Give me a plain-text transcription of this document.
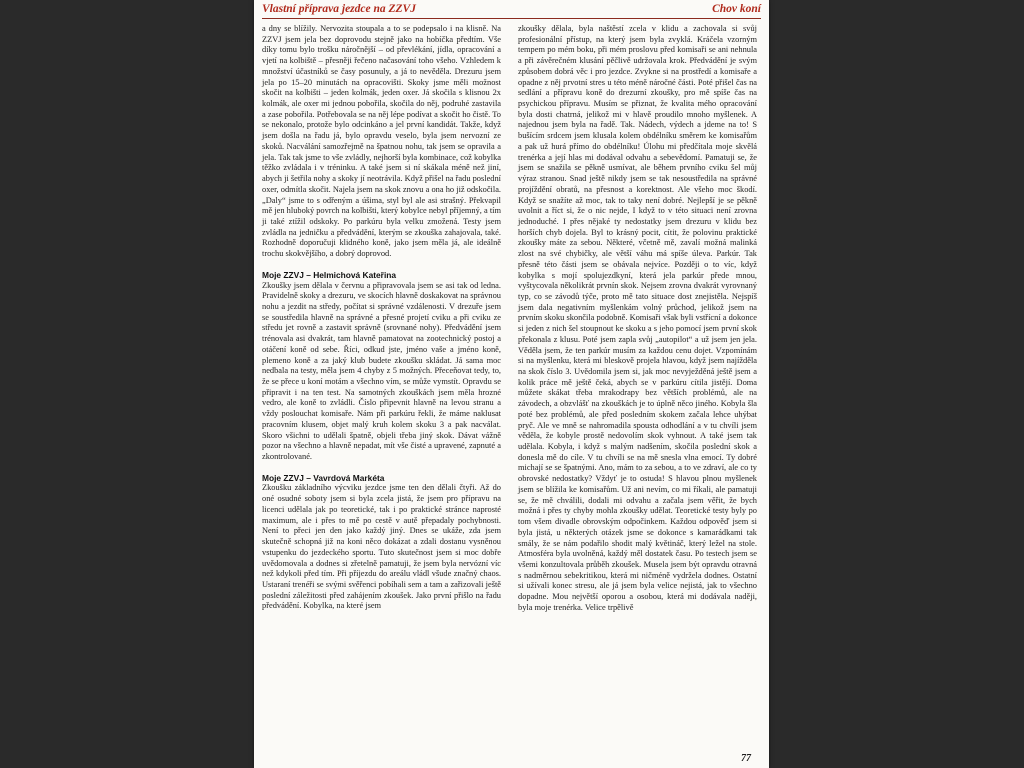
Vlastní příprava jezdce na ZZVJ	Chov koní

a dny se blížily. Nervozita stoupala a to se podepsalo i na klisně. Na ZZVJ jsem jela bez doprovodu stejně jako na hobíčka předtím. Vše díky tomu bylo trošku náročnější – od převlékání, jídla, opracování a vjetí na kolbiště – přesněji řečeno načasování toho všeho. Vzhledem k množství účastníků se časy posunuly, a já to nevěděla. Drezuru jsem jela po 15–20 minutách na opracovišti. Skoky jsme měli možnost skočit na kolbišti – jeden kolmák, jeden oxer. Já skočila s klisnou 2x kolmák, ale oxer mi jednou pobořila, skočila do něj, podruhé zastavila a zase pobořila. Potřebovala se na něj lépe podívat a skočit ho čistě. To se nekonalo, protože bylo odcinkáno a jel první kandidát. Takže, když jsem došla na řadu já, bylo opravdu veselo, byla jsem nervozní ze skoků. Nacválání samozřejmě na špatnou nohu, tak jsem se opravila a jela. Tak tak jsme to vše zvládly, nejhorší byla kombinace, což kobylka těžko zvládala i v tréninku. A také jsem si ní skákala méně než jiní, abych ji šetřila nohy a skoky jí neotrávila. Když přišel na řadu poslední oxer, odmítla skočit. Najela jsem na skok znovu a ona ho již odskočila. „Daly“ jsme to s odřeným a úšima, styl byl ale asi strašný. Překvapil mě jen hluboký povrch na kolbišti, který kobylce nebyl příjemný, a tím ji také ztížil odskoky. Po parkúru byla velku zmožená. Testy jsem zvládla na jedničku a předvádění, kterým se zkouška zahajovala, také. Rozhodně doporučuji klidného koně, jako jsem měla já, ale ideálně trochu skokvějšího, a dobrý doprovod.

Moje ZZVJ – Helmichová Kateřina

Zkoušky jsem dělala v červnu a připravovala jsem se asi tak od ledna. Pravidelně skoky a drezuru, ve skocích hlavně doskakovat na správnou nohu a jezdit na středy, počítat si správné vzdálenosti. V drezuře jsem se soustředila hlavně na správné a přesné projetí cviku a při cviku ze středu jet rovně a zastavit správně (srovnané nohy). Předvádění jsem trénovala asi dvakrát, tam hlavně pamatovat na zootechnický postoj a otáčení koně od sebe. Říci, odkud jste, jméno vaše a jméno koně, plemeno koně a za jaký klub budete zkoušku skládat. Já sama moc nedbala na testy, měla jsem 4 chyby z 5 možných. Přeceňovat tedy, to, že se přece u koní motám a všechno vím, se může vymstít. Opravdu se připravit i na ten test. Na samotných zkouškách jsem měla hrozné vedro, ale koně to zvládli. Číslo připevnit hlavně na levou stranu a vždy poslouchat komisaře. Nám při parkúru řekli, že máme naklusat pracovním klusem, objet malý kruh kolem skoku 3 a pak nacválat. Skoro všichni to udělali špatně, objeli třeba jiný skok. Dávat vážně pozor na všechno a hlavně nepadat, mít vše čisté a upravené, zapnuté a zkontrolované.

Moje ZZVJ – Vavrdová Markéta

Zkoušku základního výcviku jezdce jsme ten den dělali čtyři. Až do oné osudné soboty jsem si byla zcela jistá, že jsem pro přípravu na licenci udělala jak po teoretické, tak i po praktické stránce naprosté maximum, ale i přes to mě po cestě v autě přepadaly pochybnosti. Není to přeci jen den jako každý jiný. Dnes se ukáže, zda jsem skutečně schopná již na koni něco dokázat a zdali dostanu vysněnou vstupenku do jezdeckého sportu. Tuto skutečnost jsem si moc dobře uvědomovala a dodnes si zřetelně pamatuji, že jsem byla nervózní víc než kdykoli před tím. Při příjezdu do areálu vládl všude značný chaos. Ustaraní trenéři se svými svěřenci pobíhali sem a tam a zařizovali ještě poslední záležitosti před zahájením zkoušek. Jako první přišlo na řadu předvádění. Kobylka, na které jsem

zkoušky dělala, byla naštěstí zcela v klidu a zachovala si svůj profesionální přístup, na který jsem byla zvyklá. Kráčela vzorným tempem po mém boku, při mém proslovu před komisaři se ani nehnula a při závěrečném klusání pěčlivě udržovala krok. Předvádění je svým způsobem dobrá věc i pro jezdce. Zvykne si na prostředí a komisaře a opadne z něj prvotní stres u této méně náročné části. Poté přišel čas na sedlání a přípravu koně do drezurní zkoušky, pro mě spíše čas na psychickou přípravu. Musím se přiznat, že kvalita mého opracování byla dosti chatrná, jelikož mi v hlavě proudilo mnoho myšlenek. A najednou jsem byla na řadě. Tak. Nádech, výdech a jdeme na to! S bušícím srdcem jsem klusala kolem obdélníku směrem ke komisařům a pak už hurá přímo do obdélníku! Úlohu mi předčítala moje skvělá trenérka a její hlas mi dodával odvahu a sebevědomí. Pamatuji se, že jsem se snažila se pěkně usmívat, ale během prvního cviku šel můj výraz stranou. Snad ještě nikdy jsem se tak nesoustředila na správné projíždění obratů, na přesnost a korektnost. Ale všeho moc škodí. Když se snažíte až moc, tak to taky není dobré. Nejlepší je se pěkně uvolnit a říct si, že o nic nejde, I když to v této situaci není zrovna jednoduché. I přes nějaké ty nedostatky jsem drezuru v klidu bez horších chyb dojela. Byl to krásný pocit, cítit, že polovinu praktické zkoušky máte za sebou. Některé, včetně mě, zavalí možná malinká zlost na své chybičky, ale větší váhu má spíše úleva. Parkúr. Tak přesně této části jsem se obávala nejvíce. Později o to víc, když kobylka s mojí spolujezdkyní, která jela parkúr přede mnou, vyštycovala několikrát prvnín skok. Nejsem zrovna dvakrát vyrovnaný typ, co se závodů týče, proto mě tato situace dost znejistěla. Nejspíš jsem dala negativním myšlenkám volný průchod, jelikož jsem na prvním skoku skončila podobně. Komisaři však byli vstřícní a dokonce si jeden z nich šel stoupnout ke skoku a s jeho pomocí jsem první skok překonala z klusu. Poté jsem zapla svůj „autopilot“ a už jsem jen jela. Věděla jsem, že ten parkúr musím za každou cenu dojet. Vzpomínám si na myšlenku, která mi bleskově projela hlavou, když jsem najížděla na skok číslo 3. Uvědomila jsem si, jak moc nevyježděná ještě jsem a kolik práce mě ještě čeká, abych se v parkúru cítila jistějí. Doma můžete skákat třeba mrakodrapy bez větších problémů, ale na závodech, a obzvlášť na zkouškách je to úplně něco jiného. Kobyla šla poté bez problémů, ale před posledním skokem začala lehce uhýbat pryč. Ale ve mně se nahromadila spousta odhodlání a v tu chvíli jsem věděla, že kobyle prostě nedovolím skok vyhnout. A také jsem tak udělala. Kobyla, i když s malým nadšením, skočila poslední skok a donesla mě do cíle. V tu chvíli se na mě snesla vlna emocí. Ty dobré michají se se špatnými. Ano, mám to za sebou, a to ve zdraví, ale co ty obrovské nedostatky? Vždyť je to ostuda! S hlavou plnou myšlenek jsem se blížila ke komisařům. Už ani nevím, co mi říkali, ale pamatuji se, že mě chválili, dodali mi odvahu a začala jsem věřit, že bych možná i přes ty chyby mohla zkoušky udělat. Teoretické testy byly po tom všem divadle obrovským odpočinkem. Každou odpověď jsem si byla jistá, u některých otázek jsme se dokonce s kamarádkami tak smály, že se nám podařilo shodit malý květináč, který ležel na stole. Atmosféra byla uvolněná, každý měl dostatek času. Po testech jsem se všemi konzultovala průběh zkoušek. Musela jsem být opravdu otravná s nadměrnou sebekritikou, která mi ničméně vydržela dodnes. Ostatní si užívali konec stresu, ale já jsem byla velice nejistá, jak to všechno dopadne. Mou největší oporou a osobou, která mi dodávala naději, byla moje trenérka. Velice trpělivě

77
